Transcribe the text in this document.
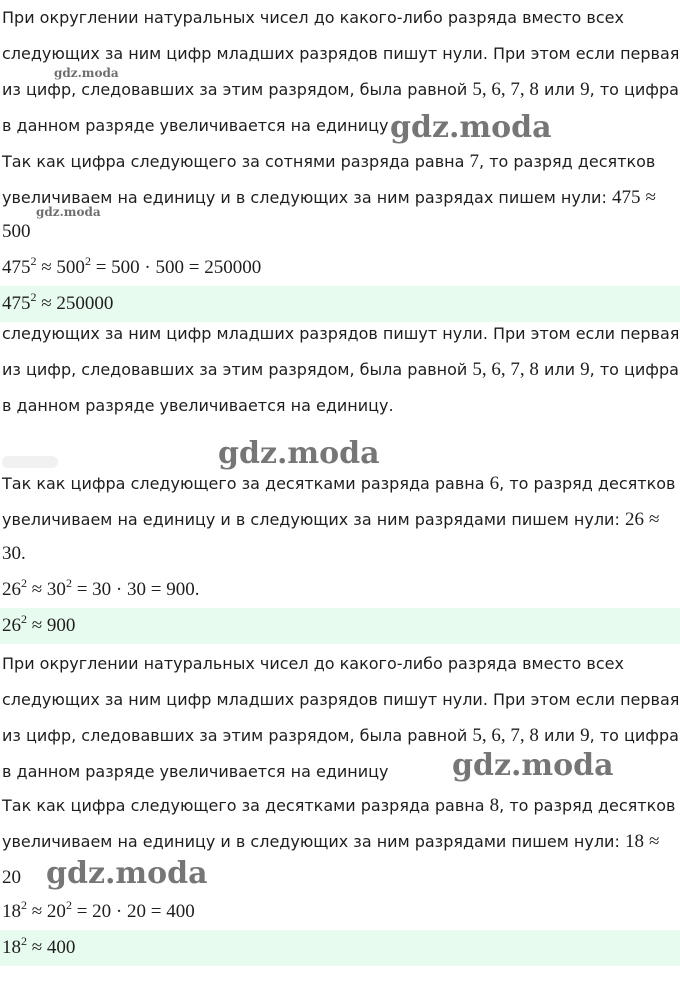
При округлении натуральных чисел до какого-либо разряда вместо всех
следующих за ним цифр младших разрядов пишут нули. При этом если первая
из цифр, следовавших за этим разрядом, была равной 5, 6, 7, 8 или 9, то цифра
в данном разряде увеличивается на единицу
Так как цифра следующего за сотнями разряда равна 7, то разряд десятков
увеличиваем на единицу и в следующих за ним разрядах пишем нули: 475 ≈
500
$475^2 \approx 500^2 = 500 \cdot 500 = 250000$
$475^2 \approx 250000$
следующих за ним цифр младших разрядов пишут нули. При этом если первая
из цифр, следовавших за этим разрядом, была равной 5, 6, 7, 8 или 9, то цифра
в данном разряде увеличивается на единицу.
Так как цифра следующего за десятками разряда равна 6, то разряд десятков
увеличиваем на единицу и в следующих за ним разрядами пишем нули: 26 ≈
30.
$26^2 \approx 30^2 = 30 \cdot 30 = 900$.
$26^2 \approx 900$
При округлении натуральных чисел до какого-либо разряда вместо всех
следующих за ним цифр младших разрядов пишут нули. При этом если первая
из цифр, следовавших за этим разрядом, была равной 5, 6, 7, 8 или 9, то цифра
в данном разряде увеличивается на единицу
Так как цифра следующего за десятками разряда равна 8, то разряд десятков
увеличиваем на единицу и в следующих за ним разрядами пишем нули: 18 ≈
20
$18^2 \approx 20^2 = 20 \cdot 20 = 400$
$18^2 \approx 400$
gdz.moda
gdz.moda
gdz.moda
gdz.moda
gdz.moda
gdz.moda
